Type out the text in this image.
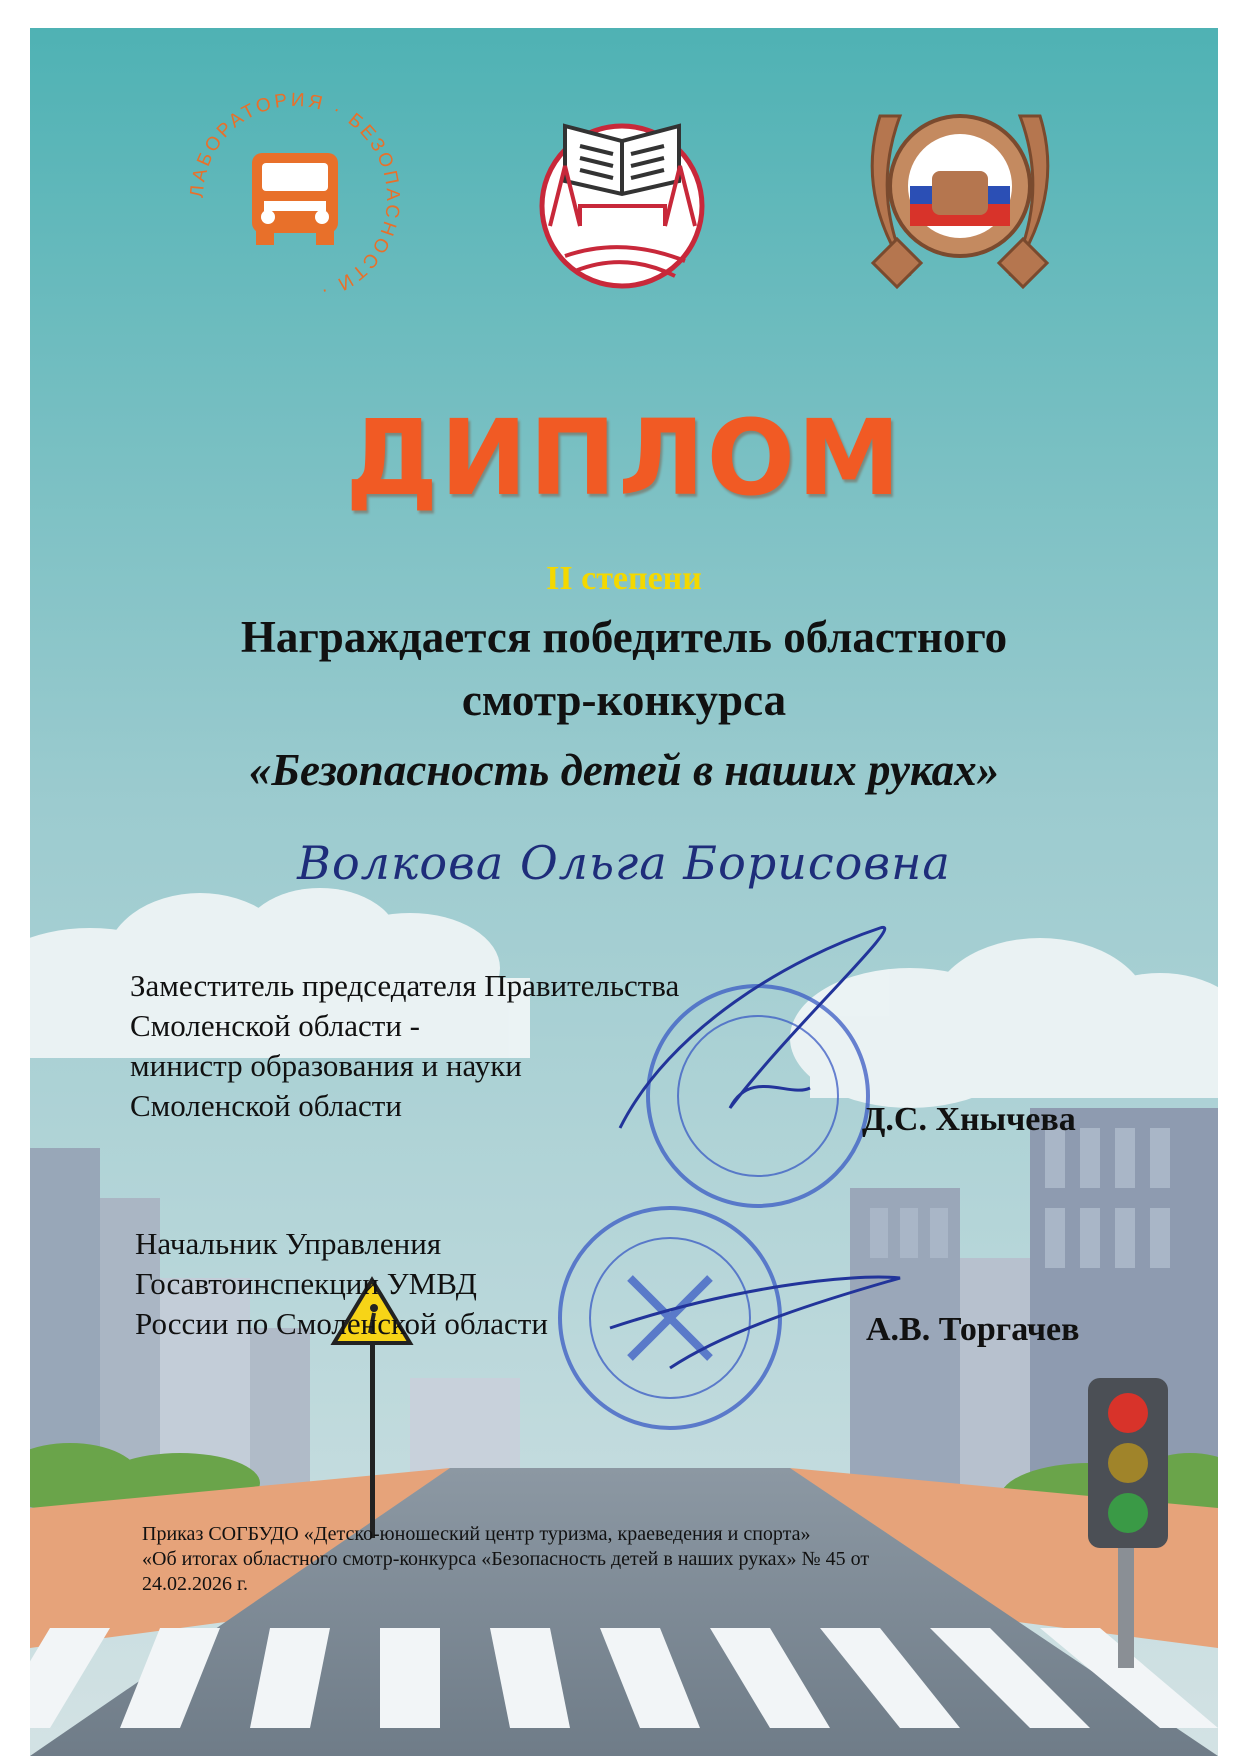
ЛАБОРАТОРИЯ · БЕЗОПАСНОСТИ ·
ДИПЛОМ
II степени
Награждается победитель областного
смотр-конкурса
«Безопасность детей в наших руках»
Волкова Ольга Борисовна
Заместитель председателя Правительства
Смоленской области -
министр образования и науки
Смоленской области	Д.С. Хнычева
Начальник Управления
Госавтоинспекции УМВД
России по Смоленской области	А.В. Торгачев
Приказ СОГБУДО «Детско-юношеский центр туризма, краеведения и спорта»
«Об итогах областного смотр-конкурса «Безопасность детей в наших руках» № 45 от
24.02.2026 г.
